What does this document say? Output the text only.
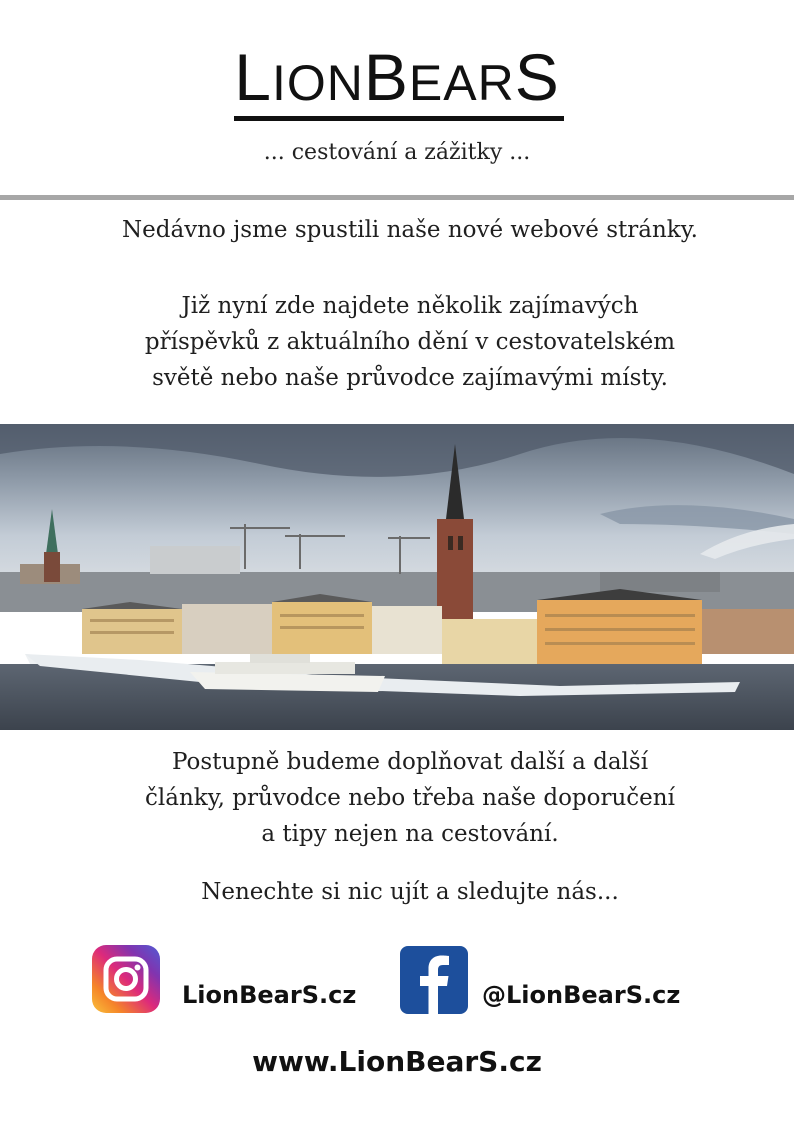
LIONBEARS
... cestování a zážitky ...
Nedávno jsme spustili naše nové webové stránky.
Již nyní zde najdete několik zajímavých
příspěvků z aktuálního dění v cestovatelském
světě nebo naše průvodce zajímavými místy.
Postupně budeme doplňovat další a další
články, průvodce nebo třeba naše doporučení
a tipy nejen na cestování.
Nenechte si nic ujít a sledujte nás...
LionBearS.cz	@LionBearS.cz
www.LionBearS.cz
